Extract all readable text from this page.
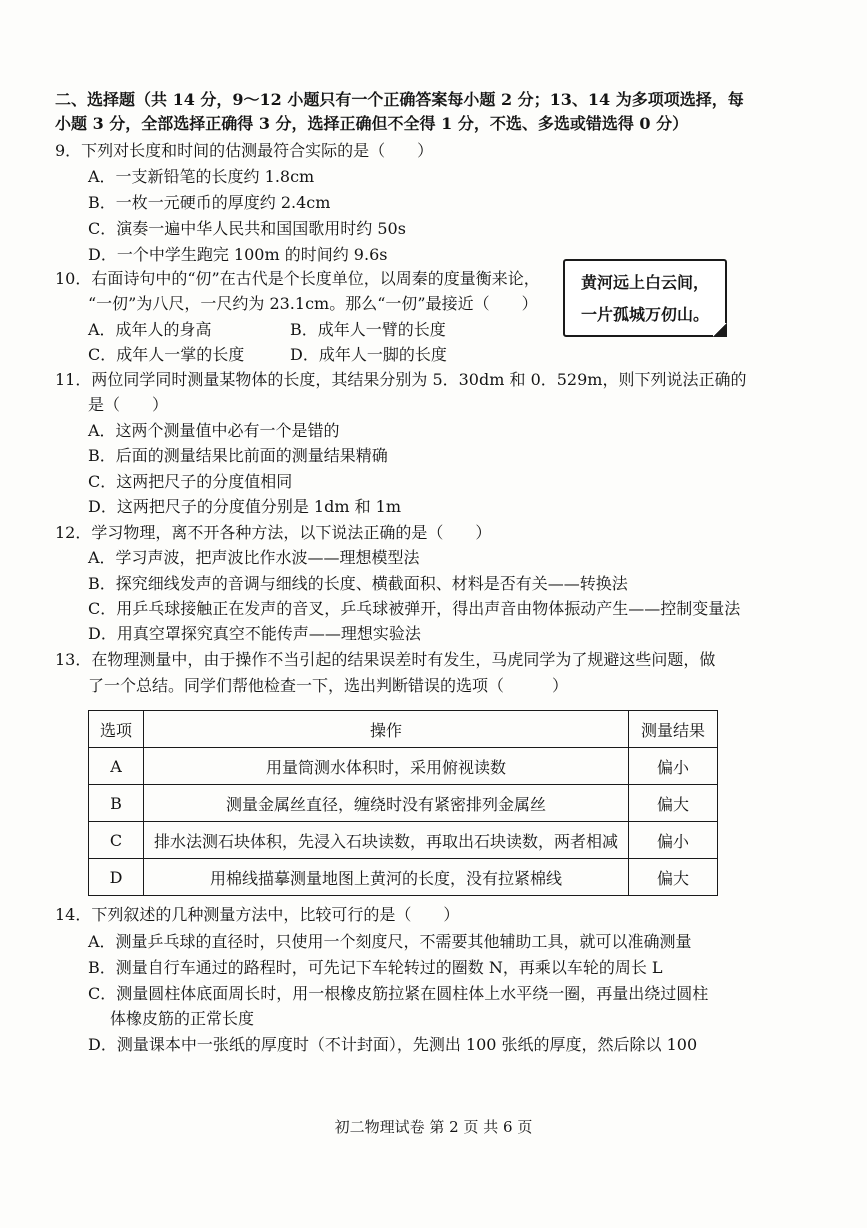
二、选择题（共 14 分，9～12 小题只有一个正确答案每小题 2 分；13、14 为多项项选择，每
小题 3 分，全部选择正确得 3 分，选择正确但不全得 1 分，不选、多选或错选得 0 分）
9．下列对长度和时间的估测最符合实际的是（　　）
A．一支新铅笔的长度约 1.8cm
B．一枚一元硬币的厚度约 2.4cm
C．演奏一遍中华人民共和国国歌用时约 50s
D．一个中学生跑完 100m 的时间约 9.6s
10．右面诗句中的“仞”在古代是个长度单位，以周秦的度量衡来论，
“一仞”为八尺，一尺约为 23.1cm。那么“一仞”最接近（　　）
A．成年人的身高	B．成年人一臂的长度
C．成年人一掌的长度	D．成年人一脚的长度
黄河远上白云间，
一片孤城万仞山。
11．两位同学同时测量某物体的长度，其结果分别为 5．30dm 和 0．529m，则下列说法正确的
是（　　）
A．这两个测量值中必有一个是错的
B．后面的测量结果比前面的测量结果精确
C．这两把尺子的分度值相同
D．这两把尺子的分度值分别是 1dm 和 1m
12．学习物理，离不开各种方法，以下说法正确的是（　　）
A．学习声波，把声波比作水波——理想模型法
B．探究细线发声的音调与细线的长度、横截面积、材料是否有关——转换法
C．用乒乓球接触正在发声的音叉，乒乓球被弹开，得出声音由物体振动产生——控制变量法
D．用真空罩探究真空不能传声——理想实验法
13．在物理测量中，由于操作不当引起的结果误差时有发生，马虎同学为了规避这些问题，做
了一个总结。同学们帮他检查一下，选出判断错误的选项（　　　）
选项	操作	测量结果
A	用量筒测水体积时，采用俯视读数	偏小
B	测量金属丝直径，缠绕时没有紧密排列金属丝	偏大
C	排水法测石块体积，先浸入石块读数，再取出石块读数，两者相减	偏小
D	用棉线描摹测量地图上黄河的长度，没有拉紧棉线	偏大
14．下列叙述的几种测量方法中，比较可行的是（　　）
A．测量乒乓球的直径时，只使用一个刻度尺，不需要其他辅助工具，就可以准确测量
B．测量自行车通过的路程时，可先记下车轮转过的圈数 N，再乘以车轮的周长 L
C．测量圆柱体底面周长时，用一根橡皮筋拉紧在圆柱体上水平绕一圈，再量出绕过圆柱
体橡皮筋的正常长度
D．测量课本中一张纸的厚度时（不计封面），先测出 100 张纸的厚度，然后除以 100
初二物理试卷 第 2 页 共 6 页
